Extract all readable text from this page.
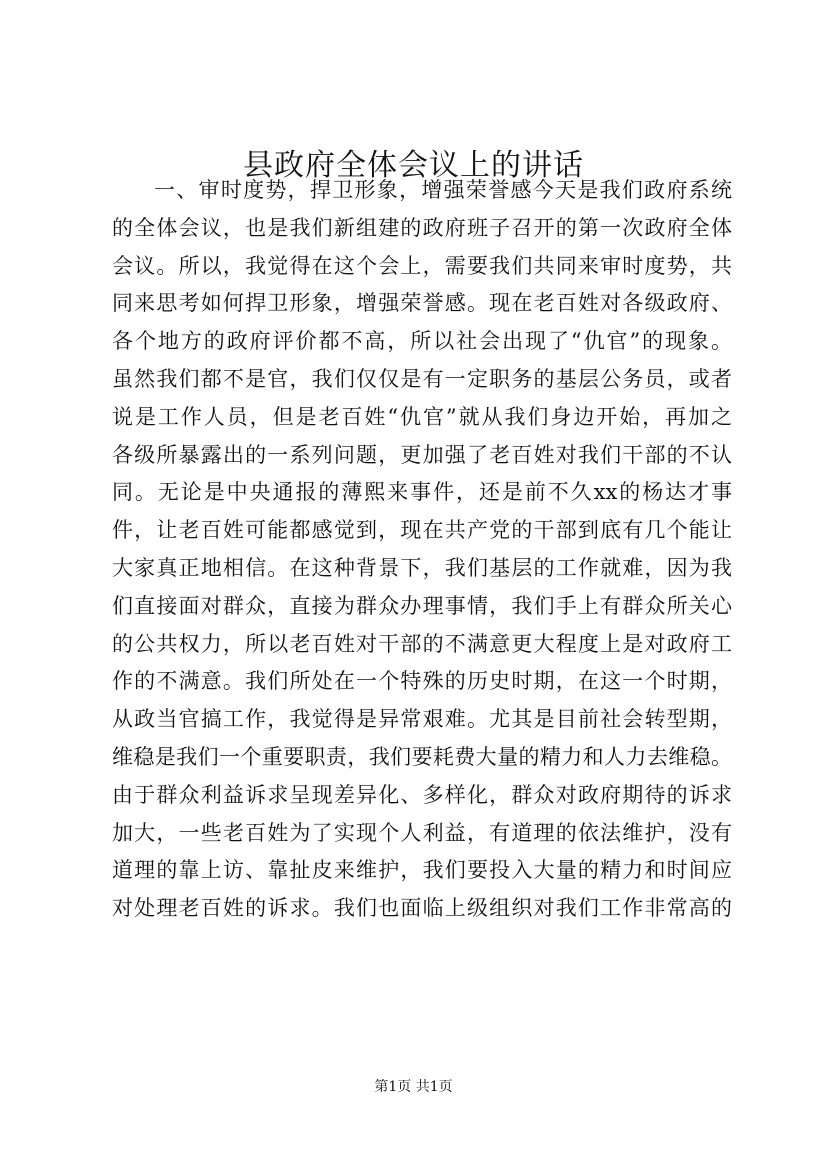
县政府全体会议上的讲话
一、审时度势，捍卫形象，增强荣誉感今天是我们政府系统
的全体会议，也是我们新组建的政府班子召开的第一次政府全体
会议。所以，我觉得在这个会上，需要我们共同来审时度势，共
同来思考如何捍卫形象，增强荣誉感。现在老百姓对各级政府、
各个地方的政府评价都不高，所以社会出现了“仇官”的现象。
虽然我们都不是官，我们仅仅是有一定职务的基层公务员，或者
说是工作人员，但是老百姓“仇官”就从我们身边开始，再加之
各级所暴露出的一系列问题，更加强了老百姓对我们干部的不认
同。无论是中央通报的薄熙来事件，还是前不久xx的杨达才事
件，让老百姓可能都感觉到，现在共产党的干部到底有几个能让
大家真正地相信。在这种背景下，我们基层的工作就难，因为我
们直接面对群众，直接为群众办理事情，我们手上有群众所关心
的公共权力，所以老百姓对干部的不满意更大程度上是对政府工
作的不满意。我们所处在一个特殊的历史时期，在这一个时期，
从政当官搞工作，我觉得是异常艰难。尤其是目前社会转型期，
维稳是我们一个重要职责，我们要耗费大量的精力和人力去维稳。
由于群众利益诉求呈现差异化、多样化，群众对政府期待的诉求
加大，一些老百姓为了实现个人利益，有道理的依法维护，没有
道理的靠上访、靠扯皮来维护，我们要投入大量的精力和时间应
对处理老百姓的诉求。我们也面临上级组织对我们工作非常高的
第1页 共1页
